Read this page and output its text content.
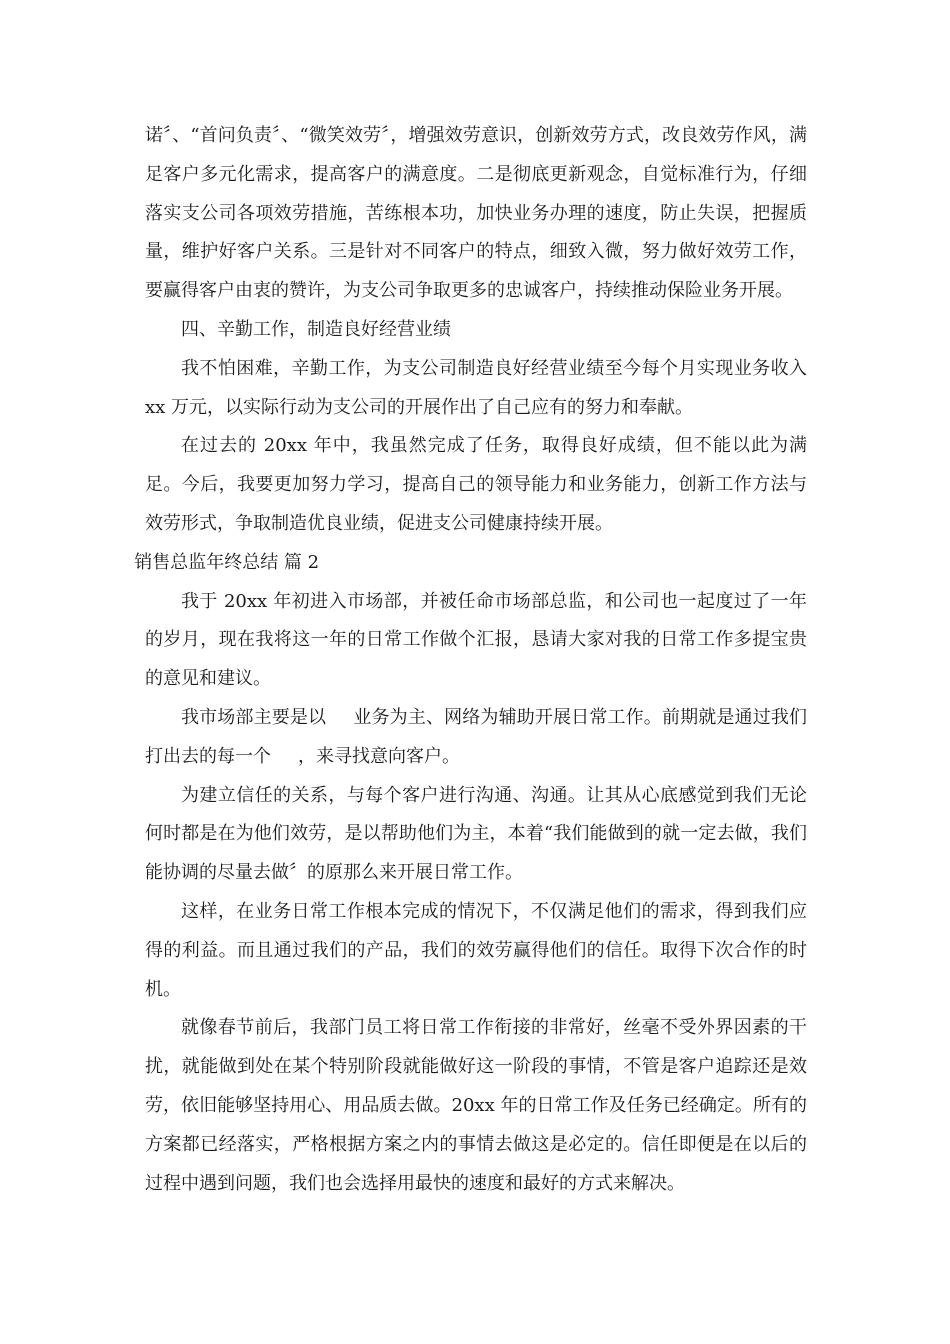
诺〞、“首问负责〞、“微笑效劳〞，增强效劳意识，创新效劳方式，改良效劳作风，满足客户多元化需求，提高客户的满意度。二是彻底更新观念，自觉标准行为，仔细落实支公司各项效劳措施，苦练根本功，加快业务办理的速度，防止失误，把握质量，维护好客户关系。三是针对不同客户的特点，细致入微，努力做好效劳工作，要赢得客户由衷的赞许，为支公司争取更多的忠诚客户，持续推动保险业务开展。

四、辛勤工作，制造良好经营业绩

我不怕困难，辛勤工作，为支公司制造良好经营业绩至今每个月实现业务收入 xx 万元，以实际行动为支公司的开展作出了自己应有的努力和奉献。

在过去的 20xx 年中，我虽然完成了任务，取得良好成绩，但不能以此为满足。今后，我要更加努力学习，提高自己的领导能力和业务能力，创新工作方法与效劳形式，争取制造优良业绩，促进支公司健康持续开展。

销售总监年终总结 篇 2

我于 20xx 年初进入市场部，并被任命市场部总监，和公司也一起度过了一年的岁月，现在我将这一年的日常工作做个汇报，恳请大家对我的日常工作多提宝贵的意见和建议。

我市场部主要是以 业务为主、网络为辅助开展日常工作。前期就是通过我们打出去的每一个 ，来寻找意向客户。

为建立信任的关系，与每个客户进行沟通、沟通。让其从心底感觉到我们无论何时都是在为他们效劳，是以帮助他们为主，本着“我们能做到的就一定去做，我们能协调的尽量去做〞的原那么来开展日常工作。

这样，在业务日常工作根本完成的情况下，不仅满足他们的需求，得到我们应得的利益。而且通过我们的产品，我们的效劳赢得他们的信任。取得下次合作的时机。

就像春节前后，我部门员工将日常工作衔接的非常好，丝毫不受外界因素的干扰，就能做到处在某个特别阶段就能做好这一阶段的事情，不管是客户追踪还是效劳，依旧能够坚持用心、用品质去做。20xx 年的日常工作及任务已经确定。所有的方案都已经落实，严格根据方案之内的事情去做这是必定的。信任即便是在以后的过程中遇到问题，我们也会选择用最快的速度和最好的方式来解决。
